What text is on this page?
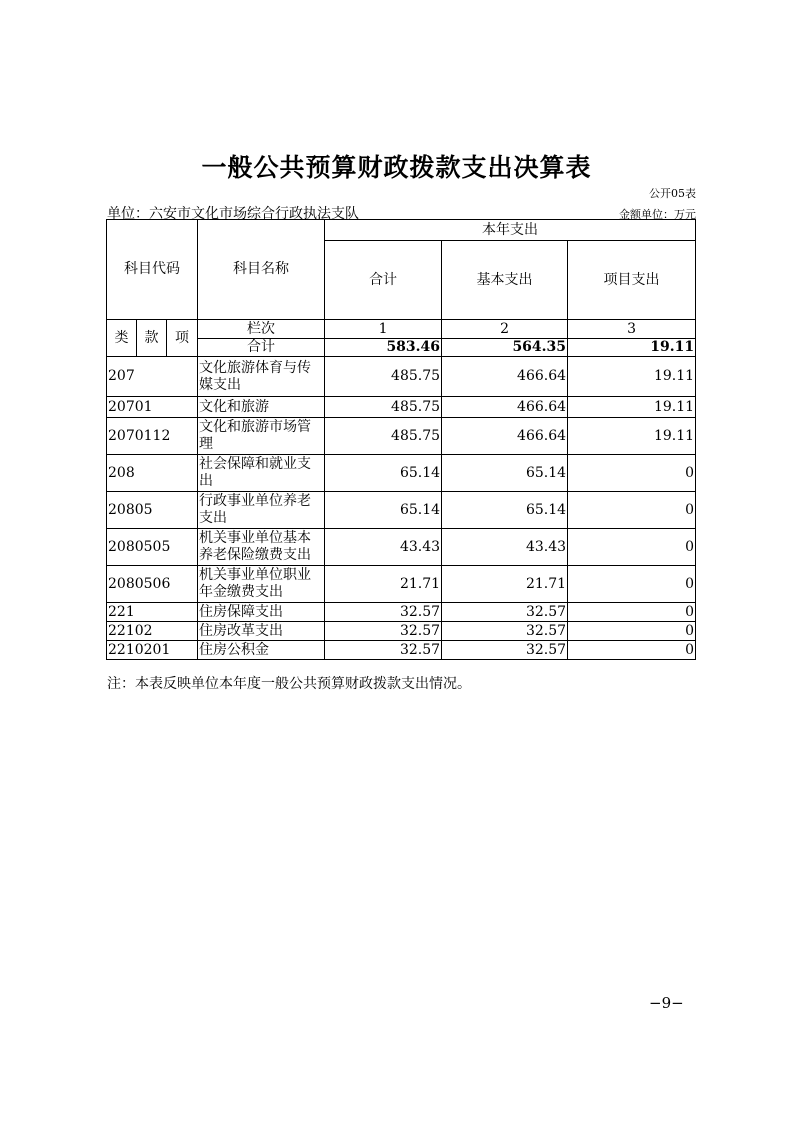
一般公共预算财政拨款支出决算表
公开05表
单位：六安市文化市场综合行政执法支队	金额单位：万元
科目代码			科目名称	本年支出		
				合计	基本支出	项目支出
类	款	项	栏次	1	2	3
			合计	583.46	564.35	19.11
207			文化旅游体育与传媒支出	485.75	466.64	19.11
20701			文化和旅游	485.75	466.64	19.11
2070112			文化和旅游市场管理	485.75	466.64	19.11
208			社会保障和就业支出	65.14	65.14	0
20805			行政事业单位养老支出	65.14	65.14	0
2080505			机关事业单位基本养老保险缴费支出	43.43	43.43	0
2080506			机关事业单位职业年金缴费支出	21.71	21.71	0
221			住房保障支出	32.57	32.57	0
22102			住房改革支出	32.57	32.57	0
2210201			住房公积金	32.57	32.57	0
注：本表反映单位本年度一般公共预算财政拨款支出情况。
−9−
